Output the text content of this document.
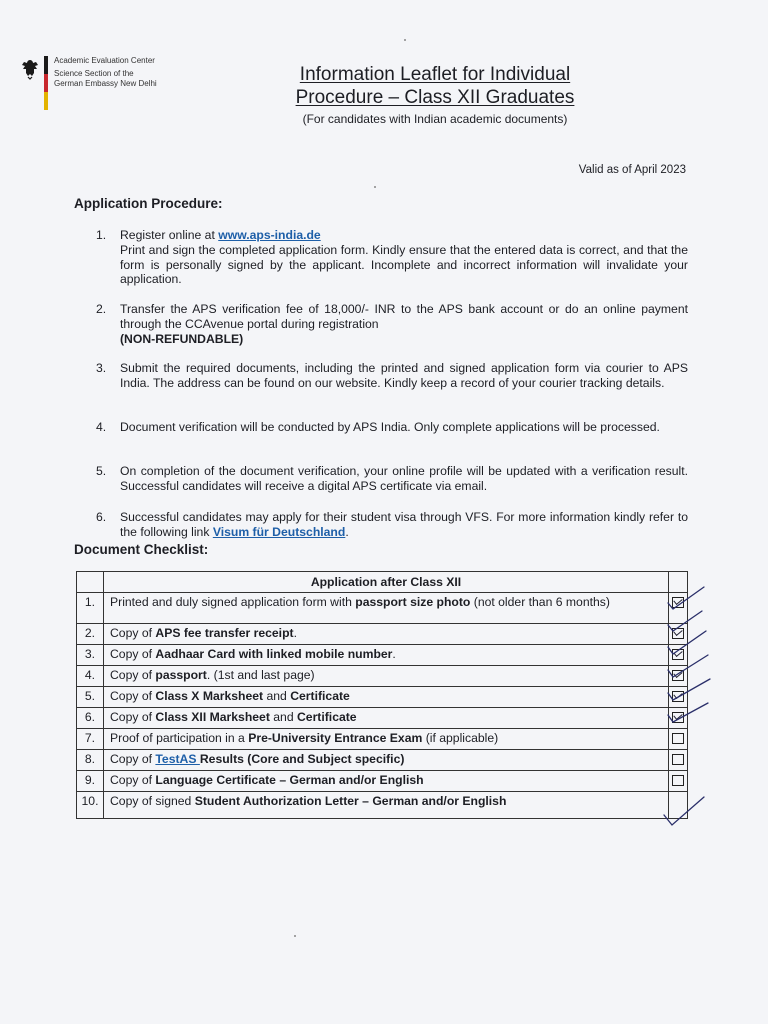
Academic Evaluation Center
Science Section of the
German Embassy New Delhi	Information Leaflet for Individual
Procedure – Class XII Graduates
(For candidates with Indian academic documents)
Valid as of April 2023
Application Procedure:
1. Register online at www.aps-india.de
Print and sign the completed application form. Kindly ensure that the entered data is correct, and that the form is personally signed by the applicant. Incomplete and incorrect information will invalidate your application.
2. Transfer the APS verification fee of 18,000/- INR to the APS bank account or do an online payment through the CCAvenue portal during registration
(NON-REFUNDABLE)
3. Submit the required documents, including the printed and signed application form via courier to APS India. The address can be found on our website. Kindly keep a record of your courier tracking details.
4. Document verification will be conducted by APS India. Only complete applications will be processed.
5. On completion of the document verification, your online profile will be updated with a verification result. Successful candidates will receive a digital APS certificate via email.
6. Successful candidates may apply for their student visa through VFS. For more information kindly refer to the following link Visum für Deutschland.
Document Checklist:
	Application after Class XII	
1.	Printed and duly signed application form with passport size photo (not older than 6 months)	
2.	Copy of APS fee transfer receipt.	
3.	Copy of Aadhaar Card with linked mobile number.	
4.	Copy of passport. (1st and last page)	
5.	Copy of Class X Marksheet and Certificate	
6.	Copy of Class XII Marksheet and Certificate	
7.	Proof of participation in a Pre-University Entrance Exam (if applicable)	
8.	Copy of TestAS Results (Core and Subject specific)	
9.	Copy of Language Certificate – German and/or English	
10.	Copy of signed Student Authorization Letter – German and/or English	
